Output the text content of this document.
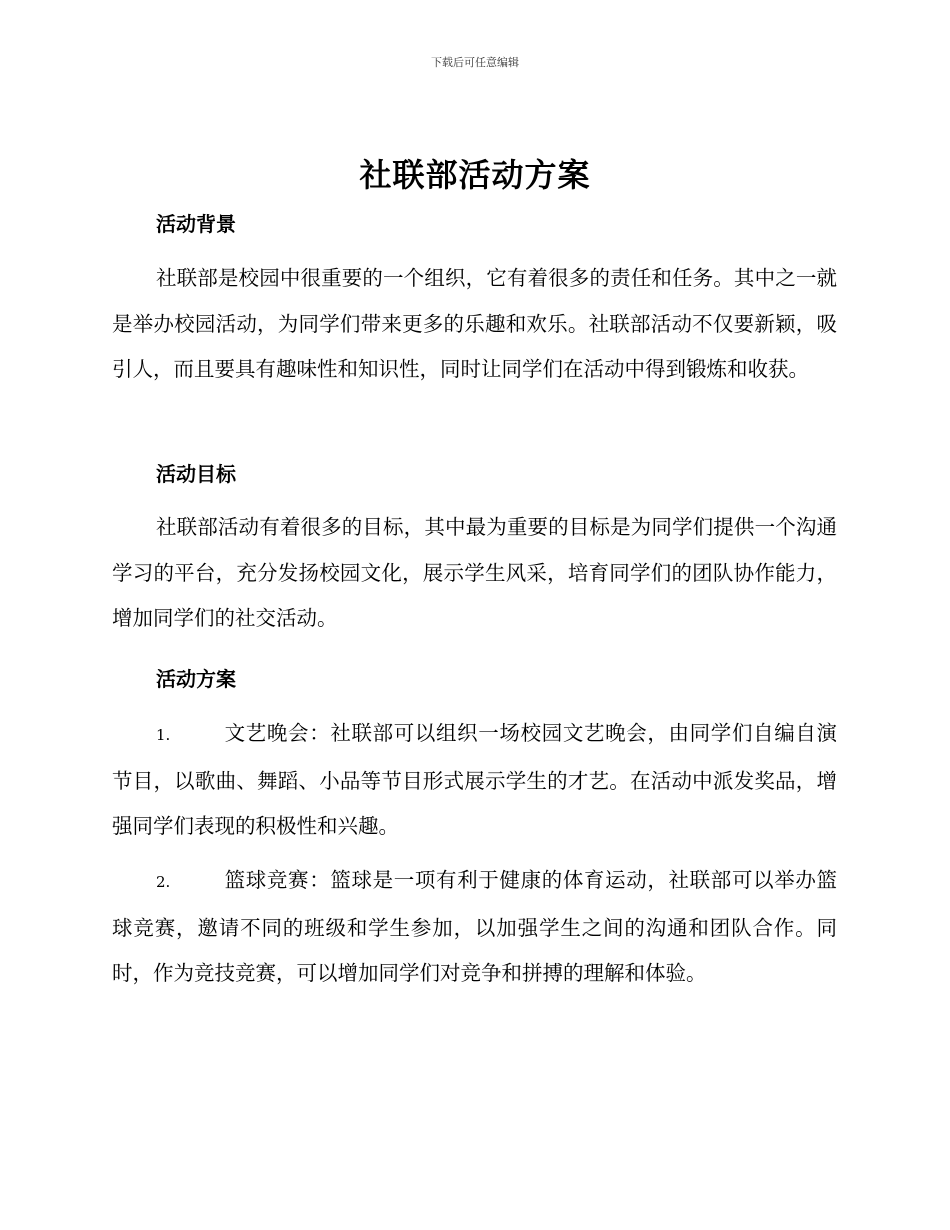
下载后可任意编辑
社联部活动方案
活动背景
社联部是校园中很重要的一个组织，它有着很多的责任和任务。其中之一就是举办校园活动，为同学们带来更多的乐趣和欢乐。社联部活动不仅要新颖，吸引人，而且要具有趣味性和知识性，同时让同学们在活动中得到锻炼和收获。
活动目标
社联部活动有着很多的目标，其中最为重要的目标是为同学们提供一个沟通学习的平台，充分发扬校园文化，展示学生风采，培育同学们的团队协作能力，增加同学们的社交活动。
活动方案
1.	文艺晚会：社联部可以组织一场校园文艺晚会，由同学们自编自演节目，以歌曲、舞蹈、小品等节目形式展示学生的才艺。在活动中派发奖品，增强同学们表现的积极性和兴趣。
2.	篮球竞赛：篮球是一项有利于健康的体育运动，社联部可以举办篮球竞赛，邀请不同的班级和学生参加，以加强学生之间的沟通和团队合作。同时，作为竞技竞赛，可以增加同学们对竞争和拼搏的理解和体验。
